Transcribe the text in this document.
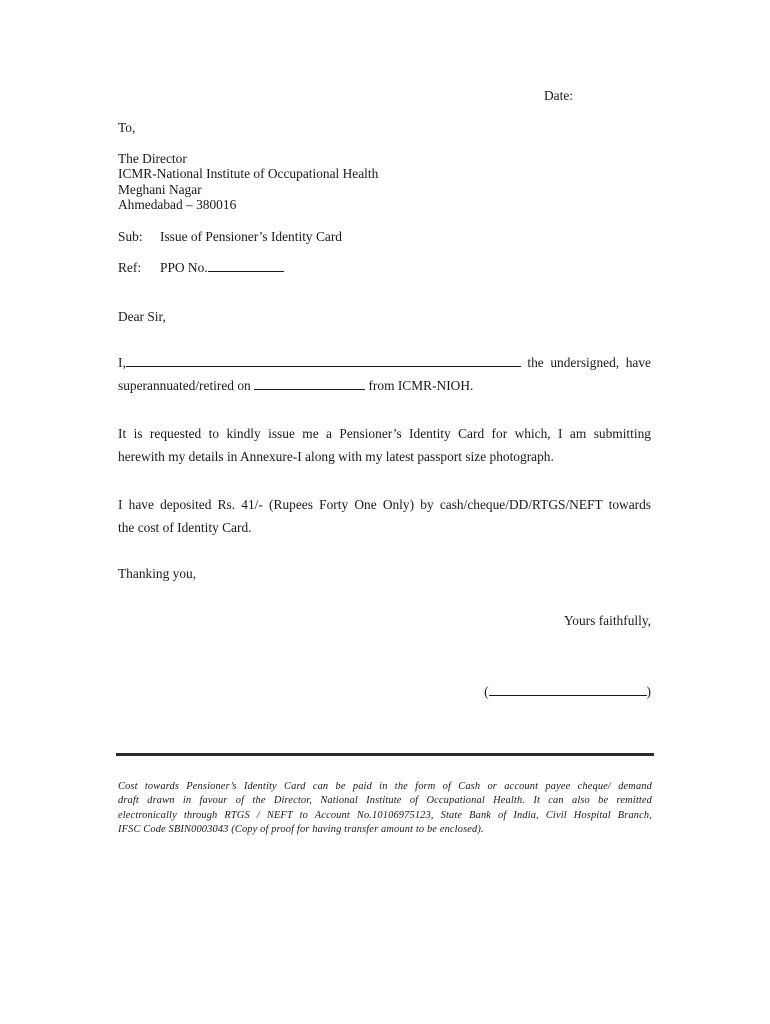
Date:
To,
The Director
ICMR-National Institute of Occupational Health
Meghani Nagar
Ahmedabad – 380016
Sub: Issue of Pensioner’s Identity Card
Ref: PPO No.
Dear Sir,
I,	the undersigned, have
superannuated/retired on	from ICMR-NIOH.
It is requested to kindly issue me a Pensioner’s Identity Card for which, I am submitting
herewith my details in Annexure-I along with my latest passport size photograph.
I have deposited Rs. 41/- (Rupees Forty One Only) by cash/cheque/DD/RTGS/NEFT towards
the cost of Identity Card.
Thanking you,
Yours faithfully,
(	)
Cost towards Pensioner’s Identity Card can be paid in the form of Cash or account payee cheque/ demand
draft drawn in favour of the Director, National Institute of Occupational Health. It can also be remitted
electronically through RTGS / NEFT to Account No.10106975123, State Bank of India, Civil Hospital Branch,
IFSC Code SBIN0003043 (Copy of proof for having transfer amount to be enclosed).
